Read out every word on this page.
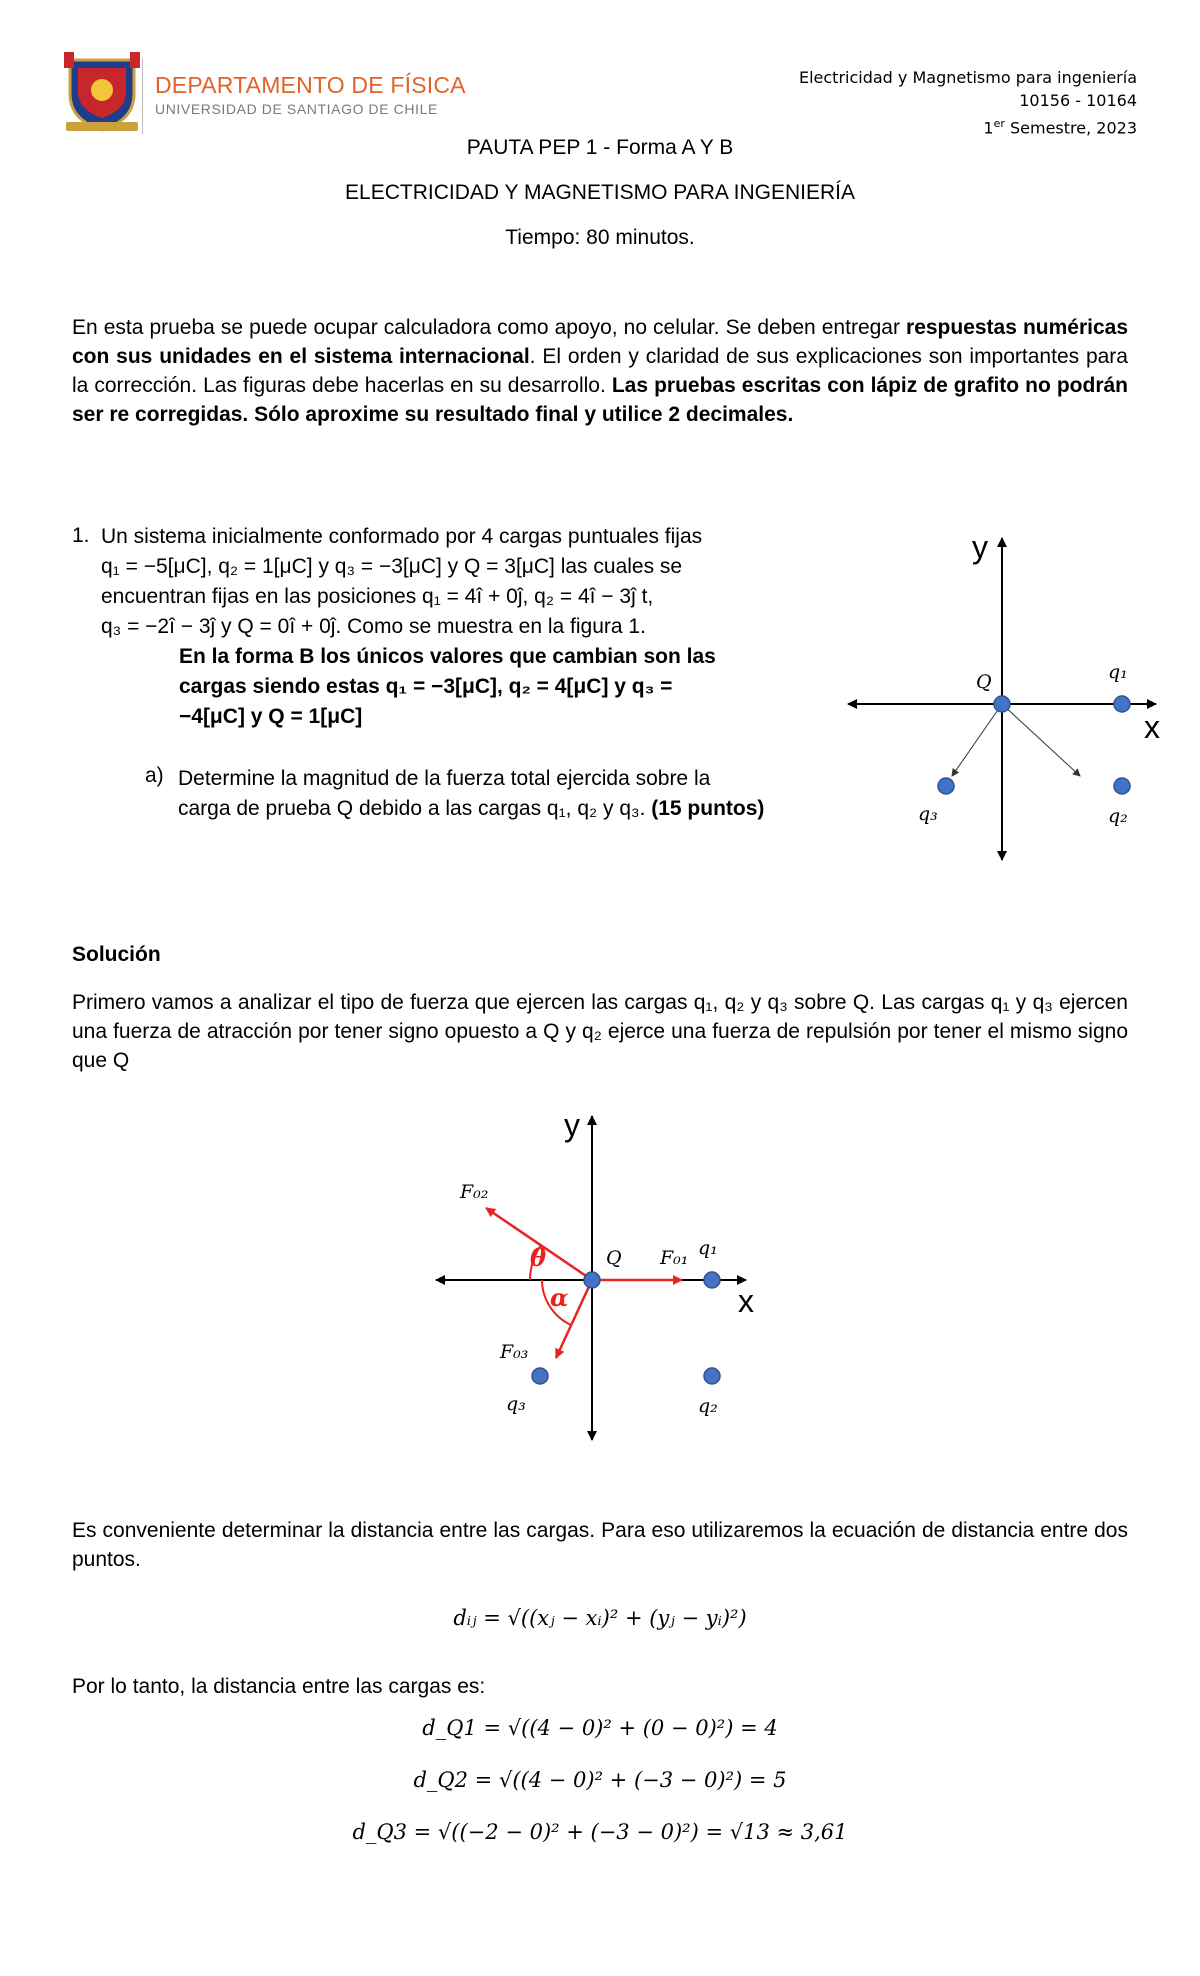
DEPARTAMENTO DE FÍSICA
UNIVERSIDAD DE SANTIAGO DE CHILE
Electricidad y Magnetismo para ingeniería
10156 - 10164
1er Semestre, 2023
PAUTA PEP 1 - Forma A Y B
ELECTRICIDAD Y MAGNETISMO PARA INGENIERÍA
Tiempo: 80 minutos.
En esta prueba se puede ocupar calculadora como apoyo, no celular. Se deben entregar respuestas numéricas con sus unidades en el sistema internacional. El orden y claridad de sus explicaciones son importantes para la corrección. Las figuras debe hacerlas en su desarrollo. Las pruebas escritas con lápiz de grafito no podrán ser re corregidas. Sólo aproxime su resultado final y utilice 2 decimales.
1. Un sistema inicialmente conformado por 4 cargas puntuales fijas
q₁ = −5[μC], q₂ = 1[μC] y q₃ = −3[μC] y Q = 3[μC] las cuales se
encuentran fijas en las posiciones q₁ = 4î + 0ĵ, q₂ = 4î − 3ĵ t,
q₃ = −2î − 3ĵ y Q = 0î + 0ĵ. Como se muestra en la figura 1.
En la forma B los únicos valores que cambian son las
cargas siendo estas q₁ = −3[μC], q₂ = 4[μC] y q₃ =
−4[μC] y Q = 1[μC]
a) Determine la magnitud de la fuerza total ejercida sobre la
carga de prueba Q debido a las cargas q₁, q₂ y q₃. (15 puntos)
y
x
Q	q₁
q₂
q₃
Solución
Primero vamos a analizar el tipo de fuerza que ejercen las cargas q₁, q₂ y q₃ sobre Q. Las cargas q₁ y q₃ ejercen una fuerza de atracción por tener signo opuesto a Q y q₂ ejerce una fuerza de repulsión por tener el mismo signo que Q
y
x
Q	q₁
q₂
q₃
F₀₁
F₀₂
F₀₃
θ
α
Es conveniente determinar la distancia entre las cargas. Para eso utilizaremos la ecuación de distancia entre dos puntos.
dᵢⱼ = √((xⱼ − xᵢ)² + (yⱼ − yᵢ)²)
Por lo tanto, la distancia entre las cargas es:
d_Q1 = √((4 − 0)² + (0 − 0)²) = 4
d_Q2 = √((4 − 0)² + (−3 − 0)²) = 5
d_Q3 = √((−2 − 0)² + (−3 − 0)²) = √13 ≈ 3,61
